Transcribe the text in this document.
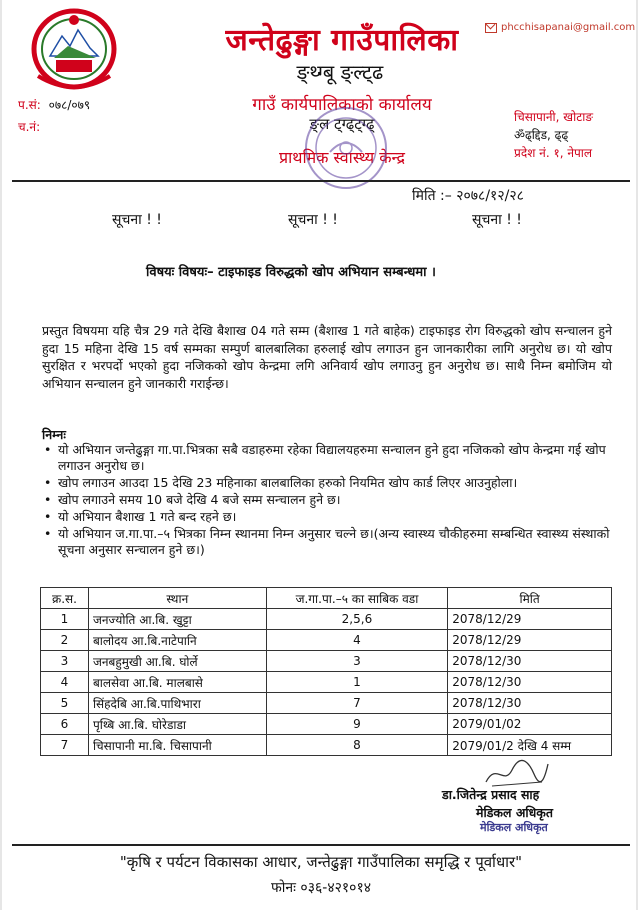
phcchisapanai@gmail.com
जन्तेढुङ्गा गाउँपालिका
ङ्थ्ग्बू ङ्ल्ट्ढ
गाउँ कार्यपालिकाको कार्यालय
ङ्ल ट्ग्ढ्ट्ग्ढ्
प्राथमिक स्वास्थ्य केन्द्र
प.सं: ०७८/०७९
च.नं:
चिसापानी, खोटाङ
ॐढ्द्दिड, ढ्ढ्
प्रदेश नं. १, नेपाल
मिति :– २०७८/१२/२८
सूचना ! !	सूचना ! !	सूचना ! !
विषयः विषयः– टाइफाइड विरुद्धको खोप अभियान सम्बन्धमा ।
प्रस्तुत विषयमा यहि चैत्र 29 गते देखि बैशाख 04 गते सम्म (बैशाख 1 गते बाहेक) टाइफाइड रोग विरुद्धको खोप सन्चालन हुने हुदा 15 महिना देखि 15 वर्ष सम्मका सम्पुर्ण बालबालिका हरुलाई खोप लगाउन हुन जानकारीका लागि अनुरोध छ। यो खोप सुरक्षित र भरपर्दो भएको हुदा नजिकको खोप केन्द्रमा लगि अनिवार्य खोप लगाउनु हुन अनुरोध छ। साथै निम्न बमोजिम यो अभियान सन्चालन हुने जानकारी गराईन्छ।
निम्नः
• यो अभियान जन्तेढुङ्गा गा.पा.भित्रका सबै वडाहरुमा रहेका विद्यालयहरुमा सन्चालन हुने हुदा नजिकको खोप केन्द्रमा गई खोप लगाउन अनुरोध छ।
• खोप लगाउन आउदा 15 देखि 23 महिनाका बालबालिका हरुको नियमित खोप कार्ड लिएर आउनुहोला।
• खोप लगाउने समय 10 बजे देखि 4 बजे सम्म सन्चालन हुने छ।
• यो अभियान बैशाख 1 गते बन्द रहने छ।
• यो अभियान ज.गा.पा.–५ भित्रका निम्न स्थानमा निम्न अनुसार चल्ने छ।(अन्य स्वास्थ्य चौकीहरुमा सम्बन्धित स्वास्थ्य संस्थाको सूचना अनुसार सन्चालन हुने छ।)
क्र.स.	स्थान	ज.गा.पा.–५ का साबिक वडा	मिति
1	जनज्योति आ.बि. खुट्टा	2,5,6	2078/12/29
2	बालोदय आ.बि.नाटेपानि	4	2078/12/29
3	जनबहुमुखी आ.बि. घोर्ले	3	2078/12/30
4	बालसेवा आ.बि. मालबासे	1	2078/12/30
5	सिंहदेबि आ.बि.पाथिभारा	7	2078/12/30
6	पृथ्बि आ.बि. घोरेडाडा	9	2079/01/02
7	चिसापानी मा.बि. चिसापानी	8	2079/01/2 देखि 4 सम्म
डा.जितेन्द्र प्रसाद साह
मेडिकल अधिकृत
मेडिकल अधिकृत
"कृषि र पर्यटन विकासका आधार, जन्तेढुङ्गा गाउँपालिका समृद्धि र पूर्वाधार"
फोनः ०३६-४२१०१४
